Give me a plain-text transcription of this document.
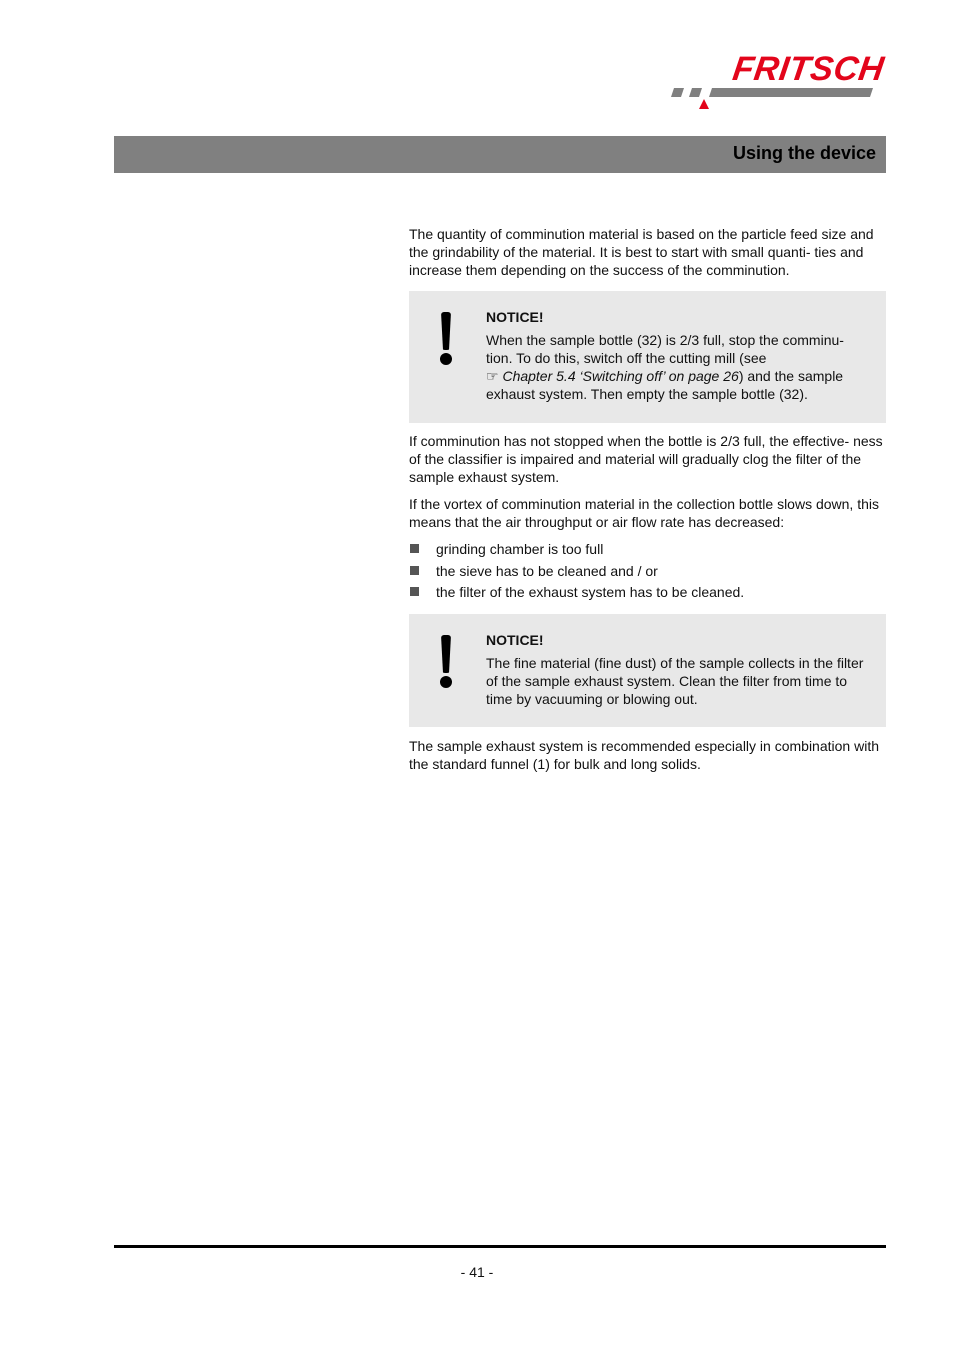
FRITSCH
Using the device

The quantity of comminution material is based on the particle feed size and the grindability of the material. It is best to start with small quanti- ties and increase them depending on the success of the comminution.

NOTICE!
When the sample bottle (32) is 2/3 full, stop the comminu- tion. To do this, switch off the cutting mill (see
☞ Chapter 5.4 ‘Switching off’ on page 26) and the sample exhaust system. Then empty the sample bottle (32).

If comminution has not stopped when the bottle is 2/3 full, the effective- ness of the classifier is impaired and material will gradually clog the filter of the sample exhaust system.

If the vortex of comminution material in the collection bottle slows down, this means that the air throughput or air flow rate has decreased:

grinding chamber is too full
the sieve has to be cleaned and / or
the filter of the exhaust system has to be cleaned.
NOTICE!
The fine material (fine dust) of the sample collects in the filter of the sample exhaust system. Clean the filter from time to time by vacuuming or blowing out.

The sample exhaust system is recommended especially in combination with the standard funnel (1) for bulk and long solids.

- 41 -
